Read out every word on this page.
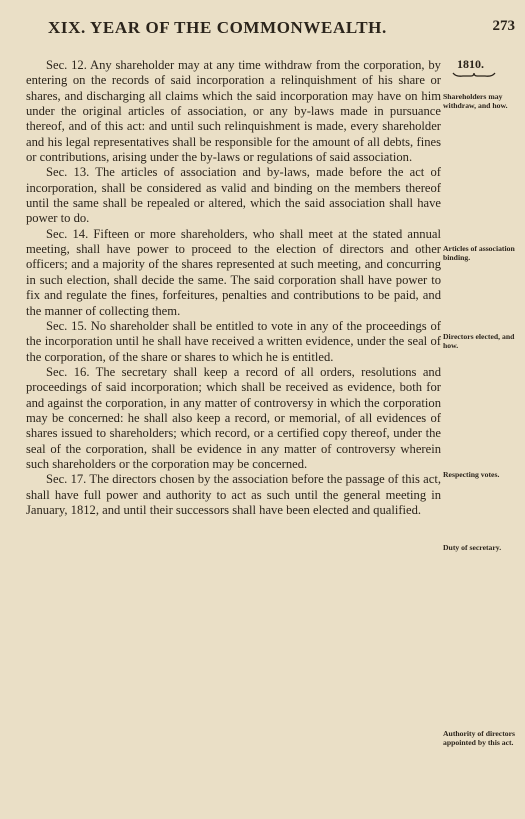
XIX. YEAR OF THE COMMONWEALTH.	273
1810.

Sec. 12. Any shareholder may at any time withdraw from the corporation, by entering on the records of said incorporation a relinquishment of his share or shares, and discharging all claims which the said incorporation may have on him under the original articles of association, or any by-laws made in pursuance thereof, and of this act: and until such relinquishment is made, every shareholder and his legal representatives shall be responsible for the amount of all debts, fines or contributions, arising under the by-laws or regulations of said association.

Sec. 13. The articles of association and by-laws, made before the act of incorporation, shall be considered as valid and binding on the members thereof until the same shall be repealed or altered, which the said association shall have power to do.

Sec. 14. Fifteen or more shareholders, who shall meet at the stated annual meeting, shall have power to proceed to the election of directors and other officers; and a majority of the shares represented at such meeting, and concurring in such election, shall decide the same. The said corporation shall have power to fix and regulate the fines, forfeitures, penalties and contributions to be paid, and the manner of collecting them.

Sec. 15. No shareholder shall be entitled to vote in any of the proceedings of the incorporation until he shall have received a written evidence, under the seal of the corporation, of the share or shares to which he is entitled.

Sec. 16. The secretary shall keep a record of all orders, resolutions and proceedings of said incorporation; which shall be received as evidence, both for and against the corporation, in any matter of controversy in which the corporation may be concerned: he shall also keep a record, or memorial, of all evidences of shares issued to shareholders; which record, or a certified copy thereof, under the seal of the corporation, shall be evidence in any matter of controversy wherein such shareholders or the corporation may be concerned.

Sec. 17. The directors chosen by the association before the passage of this act, shall have full power and authority to act as such until the general meeting in January, 1812, and until their successors shall have been elected and qualified.

Shareholders may withdraw, and how.
Articles of association binding.
Directors elected, and how.
Respecting votes.
Duty of secretary.
Authority of directors appointed by this act.
